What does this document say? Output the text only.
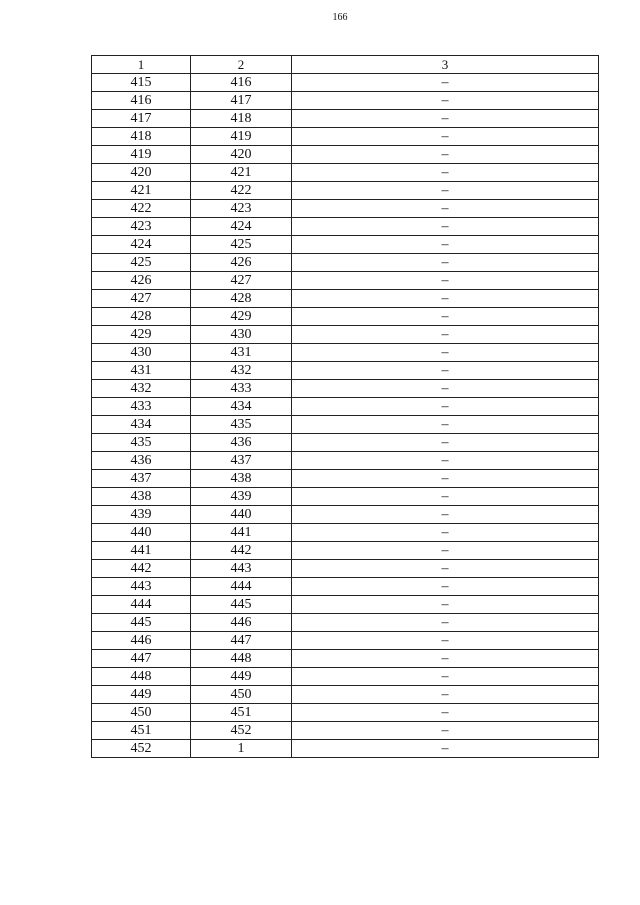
166
1	2	3
415	416	–
416	417	–
417	418	–
418	419	–
419	420	–
420	421	–
421	422	–
422	423	–
423	424	–
424	425	–
425	426	–
426	427	–
427	428	–
428	429	–
429	430	–
430	431	–
431	432	–
432	433	–
433	434	–
434	435	–
435	436	–
436	437	–
437	438	–
438	439	–
439	440	–
440	441	–
441	442	–
442	443	–
443	444	–
444	445	–
445	446	–
446	447	–
447	448	–
448	449	–
449	450	–
450	451	–
451	452	–
452	1	–
